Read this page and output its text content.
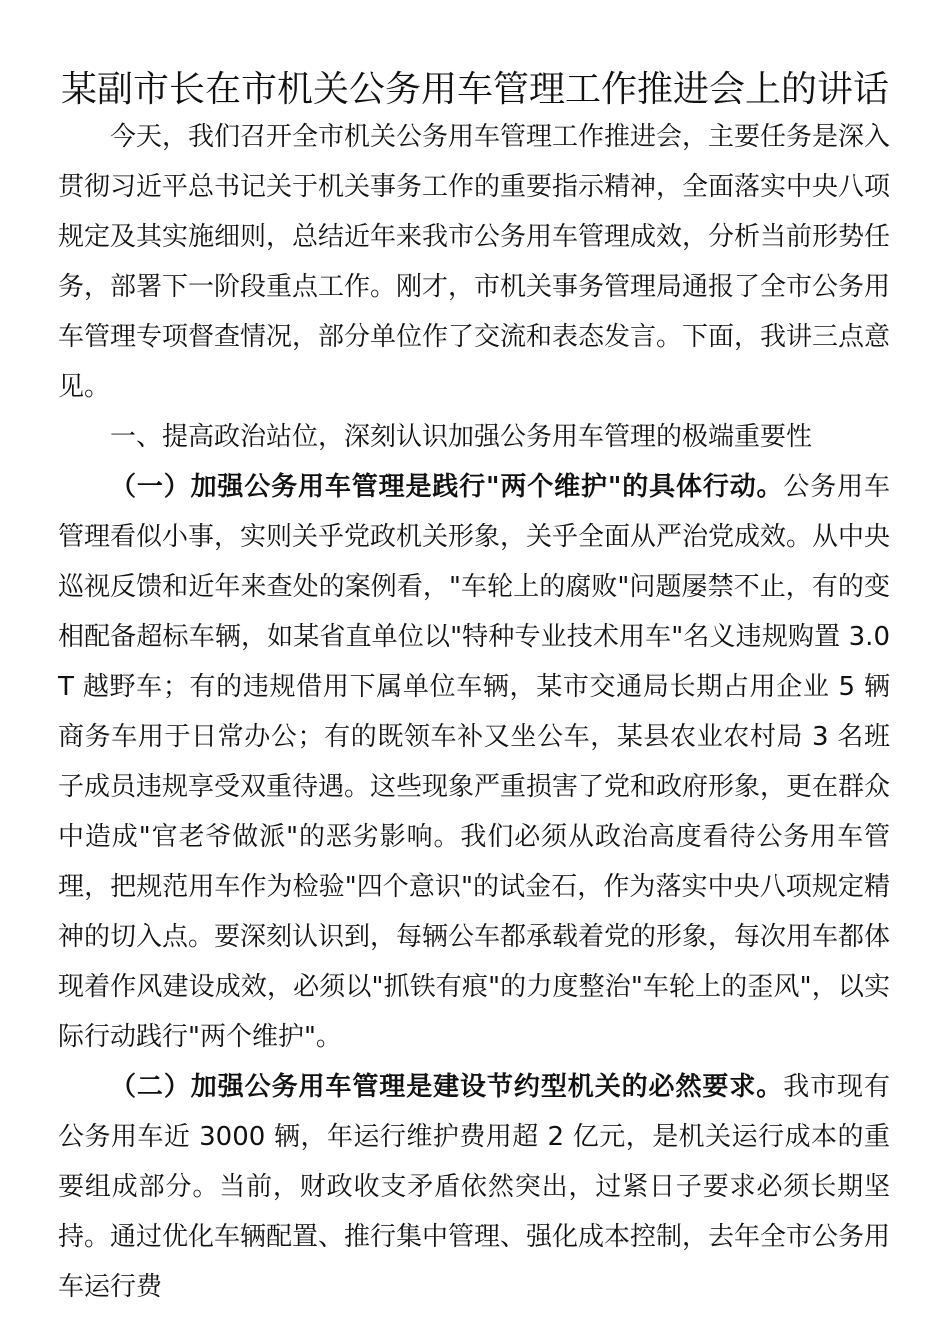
某副市长在市机关公务用车管理工作推进会上的讲话

今天，我们召开全市机关公务用车管理工作推进会，主要任务是深入贯彻习近平总书记关于机关事务工作的重要指示精神，全面落实中央八项规定及其实施细则，总结近年来我市公务用车管理成效，分析当前形势任务，部署下一阶段重点工作。刚才，市机关事务管理局通报了全市公务用车管理专项督查情况，部分单位作了交流和表态发言。下面，我讲三点意见。

一、提高政治站位，深刻认识加强公务用车管理的极端重要性

（一）加强公务用车管理是践行"两个维护"的具体行动。公务用车管理看似小事，实则关乎党政机关形象，关乎全面从严治党成效。从中央巡视反馈和近年来查处的案例看，"车轮上的腐败"问题屡禁不止，有的变相配备超标车辆，如某省直单位以"特种专业技术用车"名义违规购置 3.0T 越野车；有的违规借用下属单位车辆，某市交通局长期占用企业 5 辆商务车用于日常办公；有的既领车补又坐公车，某县农业农村局 3 名班子成员违规享受双重待遇。这些现象严重损害了党和政府形象，更在群众中造成"官老爷做派"的恶劣影响。我们必须从政治高度看待公务用车管理，把规范用车作为检验"四个意识"的试金石，作为落实中央八项规定精神的切入点。要深刻认识到，每辆公车都承载着党的形象，每次用车都体现着作风建设成效，必须以"抓铁有痕"的力度整治"车轮上的歪风"，以实际行动践行"两个维护"。

（二）加强公务用车管理是建设节约型机关的必然要求。我市现有公务用车近 3000 辆，年运行维护费用超 2 亿元，是机关运行成本的重要组成部分。当前，财政收支矛盾依然突出，过紧日子要求必须长期坚持。通过优化车辆配置、推行集中管理、强化成本控制，去年全市公务用车运行费
